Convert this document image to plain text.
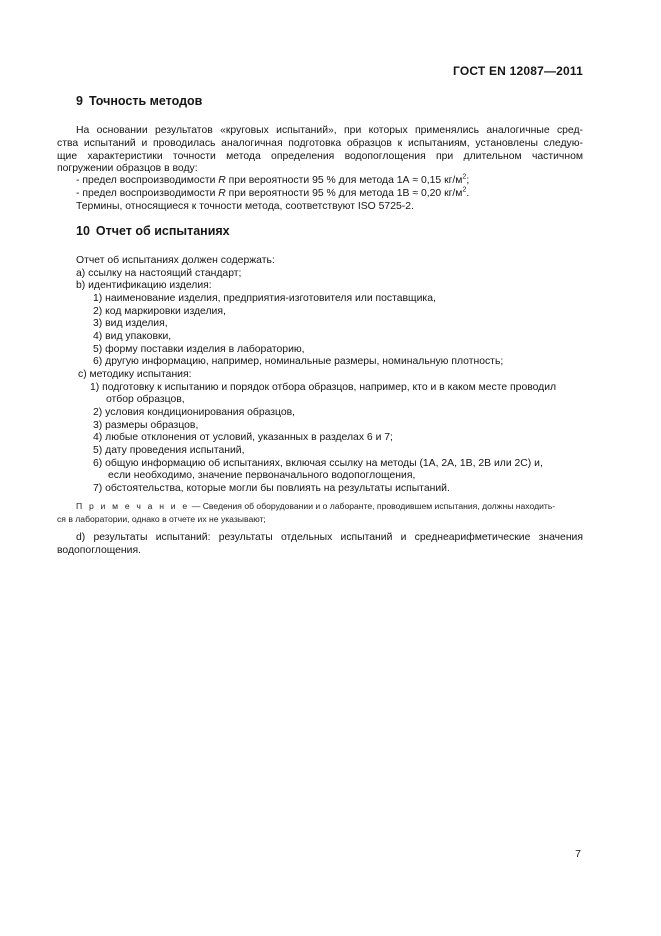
ГОСТ EN 12087—2011
9 Точность методов
На основании результатов «круговых испытаний», при которых применялись аналогичные сред-
ства испытаний и проводилась аналогичная подготовка образцов к испытаниям, установлены следую-
щие характеристики точности метода определения водопоглощения при длительном частичном
погружении образцов в воду:
- предел воспроизводимости R при вероятности 95 % для метода 1А ≈ 0,15 $кг/м^2$;
- предел воспроизводимости R при вероятности 95 % для метода 1В ≈ 0,20 $кг/м^2$.
Термины, относящиеся к точности метода, соответствуют ISO 5725-2.
10 Отчет об испытаниях
Отчет об испытаниях должен содержать:
a) ссылку на настоящий стандарт;
b) идентификацию изделия:
1) наименование изделия, предприятия-изготовителя или поставщика,
2) код маркировки изделия,
3) вид изделия,
4) вид упаковки,
5) форму поставки изделия в лабораторию,
6) другую информацию, например, номинальные размеры, номинальную плотность;
c) методику испытания:
1) подготовку к испытанию и порядок отбора образцов, например, кто и в каком месте проводил
отбор образцов,
2) условия кондиционирования образцов,
3) размеры образцов,
4) любые отклонения от условий, указанных в разделах 6 и 7;
5) дату проведения испытаний,
6) общую информацию об испытаниях, включая ссылку на методы (1А, 2А, 1В, 2В или 2С) и,
если необходимо, значение первоначального водопоглощения,
7) обстоятельства, которые могли бы повлиять на результаты испытаний.
П р и м е ч а н и е — Сведения об оборудовании и о лаборанте, проводившем испытания, должны находить-
ся в лаборатории, однако в отчете их не указывают;
d) результаты испытаний: результаты отдельных испытаний и среднеарифметические значения
водопоглощения.
7
